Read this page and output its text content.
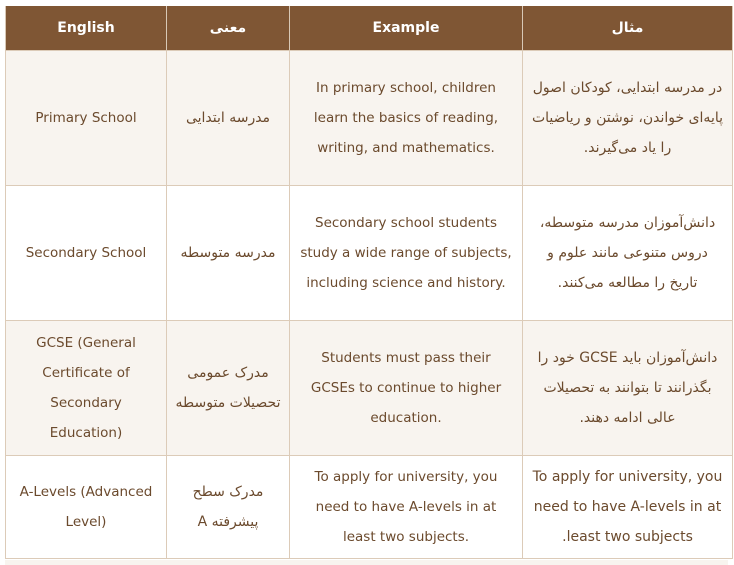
English	معنی	Example	مثال
Primary School	مدرسه ابتدایی	In primary school, children learn the basics of reading, writing, and mathematics.	در مدرسه ابتدایی، کودکان اصول پایه‌ای خواندن، نوشتن و ریاضیات را یاد می‌گیرند.
Secondary School	مدرسه متوسطه	Secondary school students study a wide range of subjects, including science and history.	دانش‌آموزان مدرسه متوسطه، دروس متنوعی مانند علوم و تاریخ را مطالعه می‌کنند.
GCSE (General Certificate of Secondary Education)	مدرک عمومی تحصیلات متوسطه	Students must pass their GCSEs to continue to higher education.	دانش‌آموزان باید GCSE خود را بگذرانند تا بتوانند به تحصیلات عالی ادامه دهند.
A-Levels (Advanced Level)	مدرک سطح پیشرفته A	To apply for university, you need to have A-levels in at least two subjects.	To apply for university, you need to have A-levels in at least two subjects.
